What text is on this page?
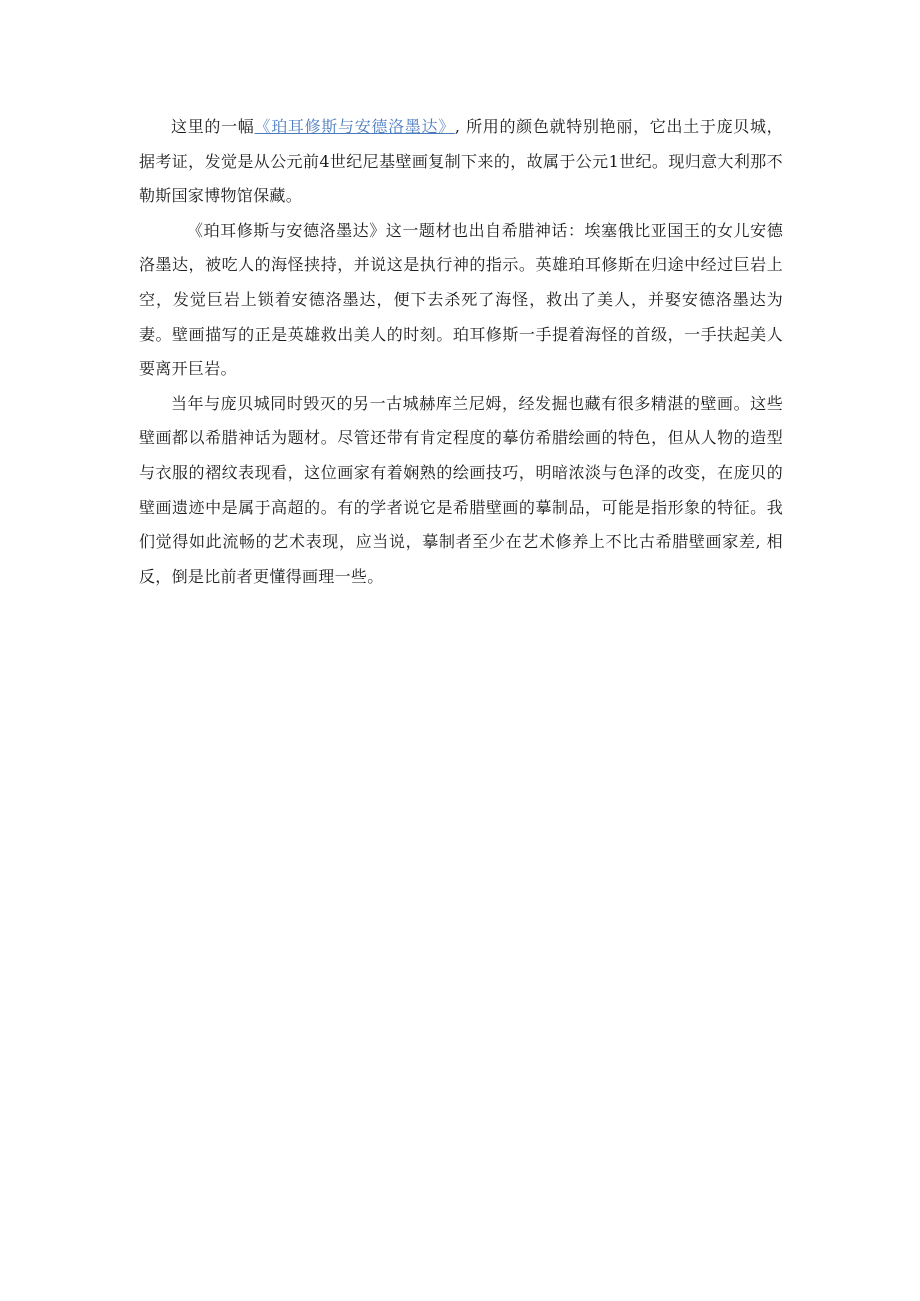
这里的一幅《珀耳修斯与安德洛墨达》, 所用的颜色就特别艳丽，它出土于庞贝城，据考证，发觉是从公元前4世纪尼基壁画复制下来的，故属于公元1世纪。现归意大利那不勒斯国家博物馆保藏。

《珀耳修斯与安德洛墨达》这一题材也出自希腊神话：埃塞俄比亚国王的女儿安德洛墨达，被吃人的海怪挟持，并说这是执行神的指示。英雄珀耳修斯在归途中经过巨岩上空，发觉巨岩上锁着安德洛墨达，便下去杀死了海怪，救出了美人，并娶安德洛墨达为妻。壁画描写的正是英雄救出美人的时刻。珀耳修斯一手提着海怪的首级，一手扶起美人要离开巨岩。

当年与庞贝城同时毁灭的另一古城赫库兰尼姆，经发掘也藏有很多精湛的壁画。这些壁画都以希腊神话为题材。尽管还带有肯定程度的摹仿希腊绘画的特色，但从人物的造型与衣服的褶纹表现看，这位画家有着娴熟的绘画技巧，明暗浓淡与色泽的改变，在庞贝的壁画遗迹中是属于高超的。有的学者说它是希腊壁画的摹制品，可能是指形象的特征。我们觉得如此流畅的艺术表现，应当说，摹制者至少在艺术修养上不比古希腊壁画家差, 相反，倒是比前者更懂得画理一些。
